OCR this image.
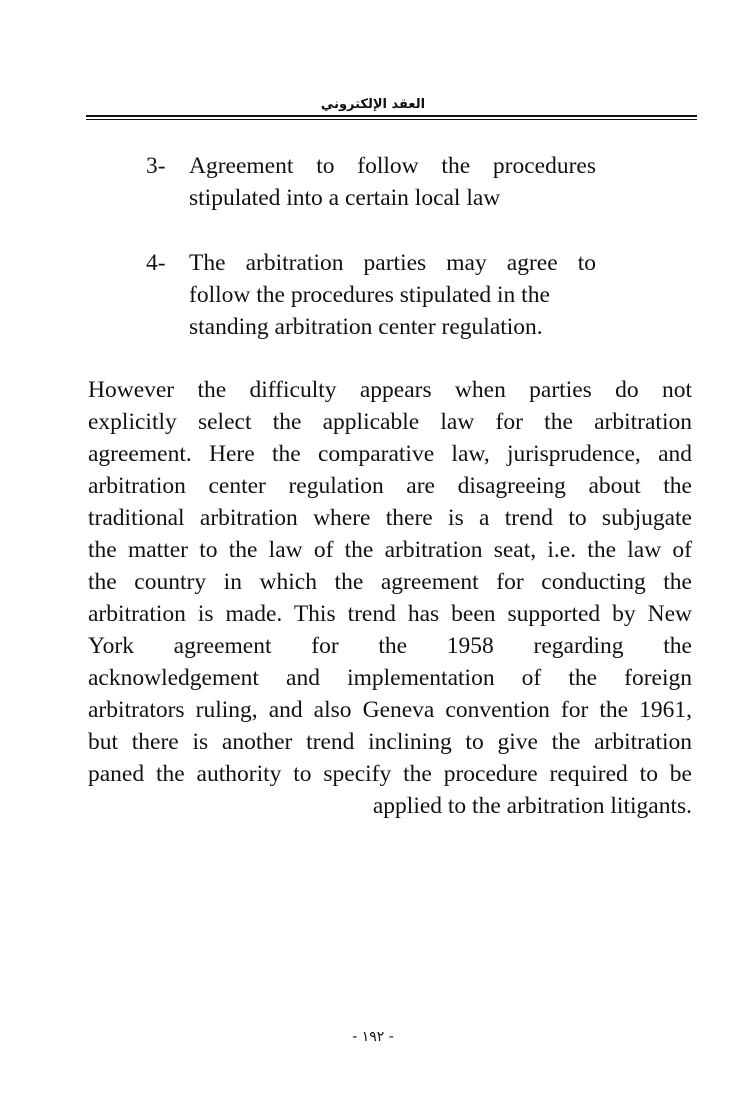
العقد الإلكتروني
3- Agreement to follow the procedures
stipulated into a certain local law
4- The arbitration parties may agree to
follow the procedures stipulated in the
standing arbitration center regulation.
However the difficulty appears when parties do not
explicitly select the applicable law for the arbitration
agreement. Here the comparative law, jurisprudence, and
arbitration center regulation are disagreeing about the
traditional arbitration where there is a trend to subjugate
the matter to the law of the arbitration seat, i.e. the law of
the country in which the agreement for conducting the
arbitration is made. This trend has been supported by New
York agreement for the 1958 regarding the
acknowledgement and implementation of the foreign
arbitrators ruling, and also Geneva convention for the 1961,
but there is another trend inclining to give the arbitration
paned the authority to specify the procedure required to be
applied to the arbitration litigants.
- ١٩٢ -
